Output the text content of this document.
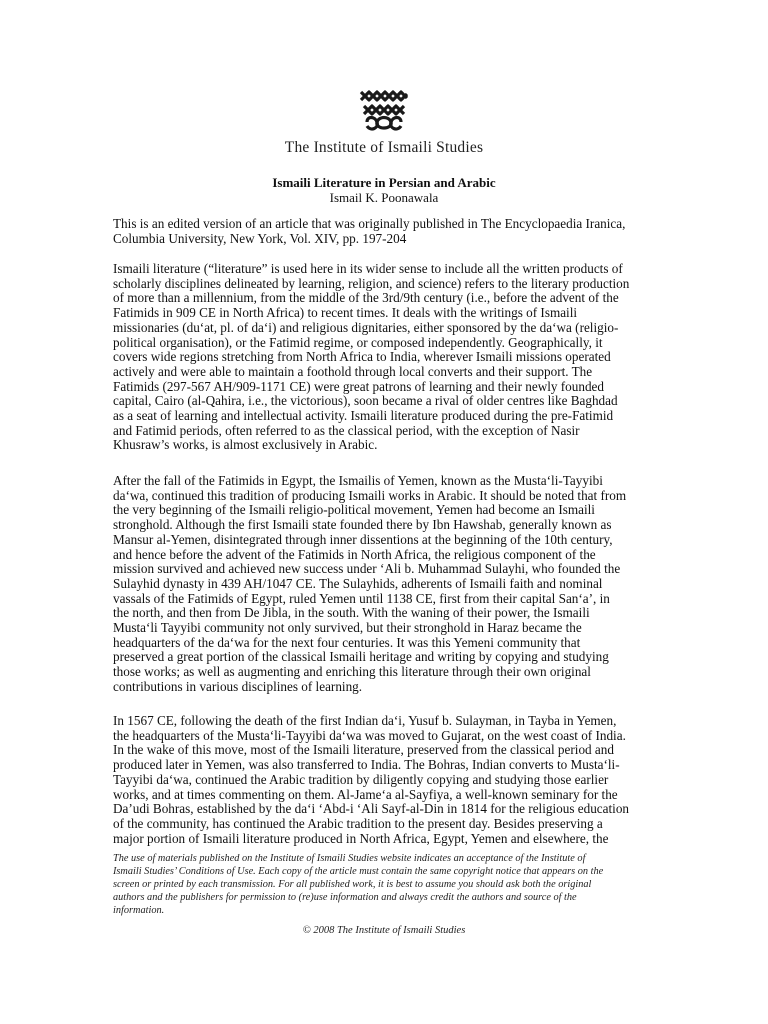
The Institute of Ismaili Studies
Ismaili Literature in Persian and Arabic
Ismail K. Poonawala
This is an edited version of an article that was originally published in The Encyclopaedia Iranica,
Columbia University, New York, Vol. XIV, pp. 197-204
Ismaili literature (“literature” is used here in its wider sense to include all the written products of
scholarly disciplines delineated by learning, religion, and science) refers to the literary production
of more than a millennium, from the middle of the 3rd/9th century (i.e., before the advent of the
Fatimids in 909 CE in North Africa) to recent times. It deals with the writings of Ismaili
missionaries (du‘at, pl. of da‘i) and religious dignitaries, either sponsored by the da‘wa (religio-
political organisation), or the Fatimid regime, or composed independently. Geographically, it
covers wide regions stretching from North Africa to India, wherever Ismaili missions operated
actively and were able to maintain a foothold through local converts and their support. The
Fatimids (297-567 AH/909-1171 CE) were great patrons of learning and their newly founded
capital, Cairo (al-Qahira, i.e., the victorious), soon became a rival of older centres like Baghdad
as a seat of learning and intellectual activity. Ismaili literature produced during the pre-Fatimid
and Fatimid periods, often referred to as the classical period, with the exception of Nasir
Khusraw’s works, is almost exclusively in Arabic.
After the fall of the Fatimids in Egypt, the Ismailis of Yemen, known as the Musta‘li-Tayyibi
da‘wa, continued this tradition of producing Ismaili works in Arabic. It should be noted that from
the very beginning of the Ismaili religio-political movement, Yemen had become an Ismaili
stronghold. Although the first Ismaili state founded there by Ibn Hawshab, generally known as
Mansur al-Yemen, disintegrated through inner dissentions at the beginning of the 10th century,
and hence before the advent of the Fatimids in North Africa, the religious component of the
mission survived and achieved new success under ‘Ali b. Muhammad Sulayhi, who founded the
Sulayhid dynasty in 439 AH/1047 CE. The Sulayhids, adherents of Ismaili faith and nominal
vassals of the Fatimids of Egypt, ruled Yemen until 1138 CE, first from their capital San‘a’, in
the north, and then from De Jibla, in the south. With the waning of their power, the Ismaili
Musta‘li Tayyibi community not only survived, but their stronghold in Haraz became the
headquarters of the da‘wa for the next four centuries. It was this Yemeni community that
preserved a great portion of the classical Ismaili heritage and writing by copying and studying
those works; as well as augmenting and enriching this literature through their own original
contributions in various disciplines of learning.
In 1567 CE, following the death of the first Indian da‘i, Yusuf b. Sulayman, in Tayba in Yemen,
the headquarters of the Musta‘li-Tayyibi da‘wa was moved to Gujarat, on the west coast of India.
In the wake of this move, most of the Ismaili literature, preserved from the classical period and
produced later in Yemen, was also transferred to India. The Bohras, Indian converts to Musta‘li-
Tayyibi da‘wa, continued the Arabic tradition by diligently copying and studying those earlier
works, and at times commenting on them. Al-Jame‘a al-Sayfiya, a well-known seminary for the
Da’udi Bohras, established by the da‘i ‘Abd-i ‘Ali Sayf-al-Din in 1814 for the religious education
of the community, has continued the Arabic tradition to the present day. Besides preserving a
major portion of Ismaili literature produced in North Africa, Egypt, Yemen and elsewhere, the
The use of materials published on the Institute of Ismaili Studies website indicates an acceptance of the Institute of
Ismaili Studies’ Conditions of Use. Each copy of the article must contain the same copyright notice that appears on the
screen or printed by each transmission. For all published work, it is best to assume you should ask both the original
authors and the publishers for permission to (re)use information and always credit the authors and source of the
information.
© 2008 The Institute of Ismaili Studies
